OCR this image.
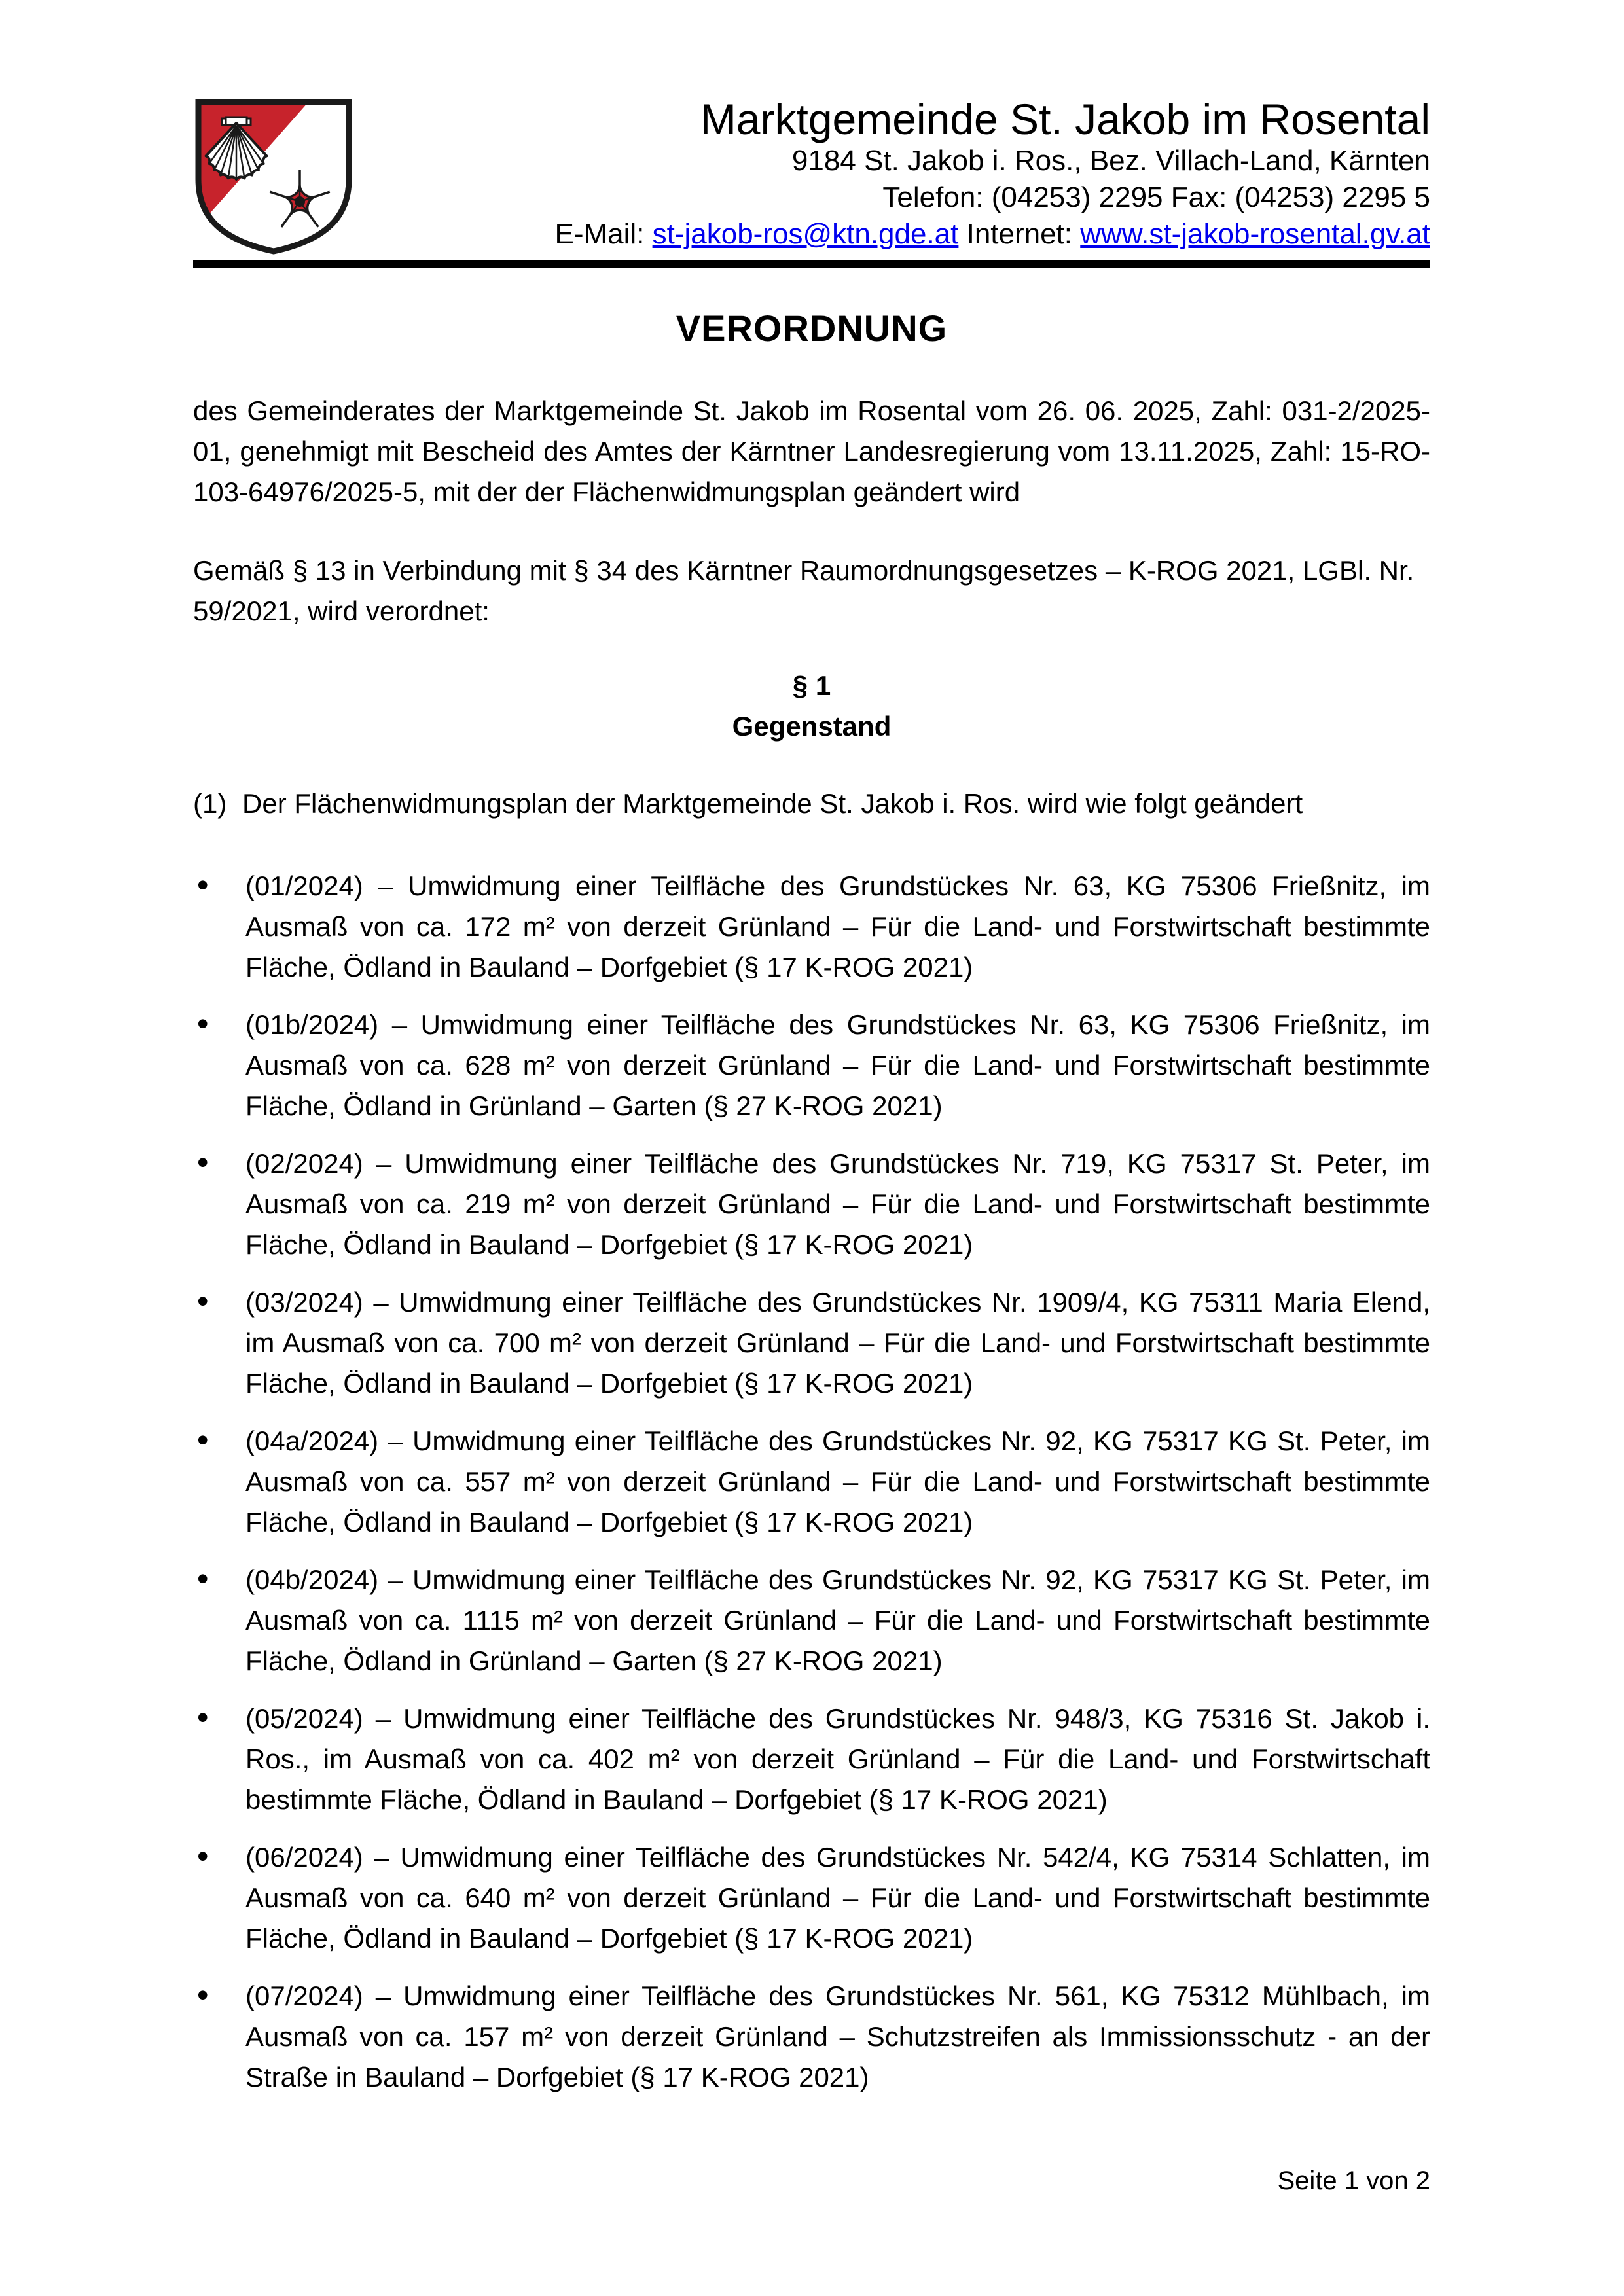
Marktgemeinde St. Jakob im Rosental
9184 St. Jakob i. Ros., Bez. Villach-Land, Kärnten
Telefon: (04253) 2295 Fax: (04253) 2295 5
E-Mail: st-jakob-ros@ktn.gde.at Internet: www.st-jakob-rosental.gv.at
VERORDNUNG

des Gemeinderates der Marktgemeinde St. Jakob im Rosental vom 26. 06. 2025, Zahl: 031-2/2025-01, genehmigt mit Bescheid des Amtes der Kärntner Landesregierung vom 13.11.2025, Zahl: 15-RO-103-64976/2025-5, mit der der Flächenwidmungsplan geändert wird

Gemäß § 13 in Verbindung mit § 34 des Kärntner Raumordnungsgesetzes – K-ROG 2021, LGBl. Nr. 59/2021, wird verordnet:

§ 1
Gegenstand
(1) Der Flächenwidmungsplan der Marktgemeinde St. Jakob i. Ros. wird wie folgt geändert
• (01/2024) – Umwidmung einer Teilfläche des Grundstückes Nr. 63, KG 75306 Frießnitz, im Ausmaß von ca. 172 m² von derzeit Grünland – Für die Land- und Forstwirtschaft bestimmte Fläche, Ödland in Bauland – Dorfgebiet (§ 17 K-ROG 2021)
• (01b/2024) – Umwidmung einer Teilfläche des Grundstückes Nr. 63, KG 75306 Frießnitz, im Ausmaß von ca. 628 m² von derzeit Grünland – Für die Land- und Forstwirtschaft bestimmte Fläche, Ödland in Grünland – Garten (§ 27 K-ROG 2021)
• (02/2024) – Umwidmung einer Teilfläche des Grundstückes Nr. 719, KG 75317 St. Peter, im Ausmaß von ca. 219 m² von derzeit Grünland – Für die Land- und Forstwirtschaft bestimmte Fläche, Ödland in Bauland – Dorfgebiet (§ 17 K-ROG 2021)
• (03/2024) – Umwidmung einer Teilfläche des Grundstückes Nr. 1909/4, KG 75311 Maria Elend, im Ausmaß von ca. 700 m² von derzeit Grünland – Für die Land- und Forstwirtschaft bestimmte Fläche, Ödland in Bauland – Dorfgebiet (§ 17 K-ROG 2021)
• (04a/2024) – Umwidmung einer Teilfläche des Grundstückes Nr. 92, KG 75317 KG St. Peter, im Ausmaß von ca. 557 m² von derzeit Grünland – Für die Land- und Forstwirtschaft bestimmte Fläche, Ödland in Bauland – Dorfgebiet (§ 17 K-ROG 2021)
• (04b/2024) – Umwidmung einer Teilfläche des Grundstückes Nr. 92, KG 75317 KG St. Peter, im Ausmaß von ca. 1115 m² von derzeit Grünland – Für die Land- und Forstwirtschaft bestimmte Fläche, Ödland in Grünland – Garten (§ 27 K-ROG 2021)
• (05/2024) – Umwidmung einer Teilfläche des Grundstückes Nr. 948/3, KG 75316 St. Jakob i. Ros., im Ausmaß von ca. 402 m² von derzeit Grünland – Für die Land- und Forstwirtschaft bestimmte Fläche, Ödland in Bauland – Dorfgebiet (§ 17 K-ROG 2021)
• (06/2024) – Umwidmung einer Teilfläche des Grundstückes Nr. 542/4, KG 75314 Schlatten, im Ausmaß von ca. 640 m² von derzeit Grünland – Für die Land- und Forstwirtschaft bestimmte Fläche, Ödland in Bauland – Dorfgebiet (§ 17 K-ROG 2021)
• (07/2024) – Umwidmung einer Teilfläche des Grundstückes Nr. 561, KG 75312 Mühlbach, im Ausmaß von ca. 157 m² von derzeit Grünland – Schutzstreifen als Immissionsschutz - an der Straße in Bauland – Dorfgebiet (§ 17 K-ROG 2021)
Seite 1 von 2
